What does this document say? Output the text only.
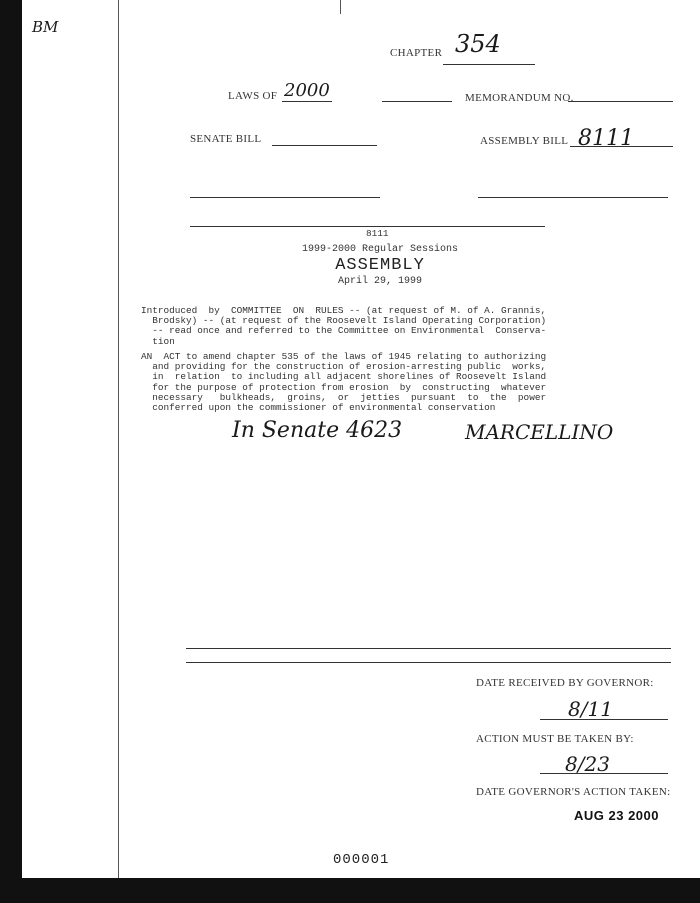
BM
CHAPTER 354
LAWS OF 2000	MEMORANDUM NO.
SENATE BILL	ASSEMBLY BILL 8111
8111
1999-2000 Regular Sessions
ASSEMBLY
April 29, 1999
Introduced  by  COMMITTEE  ON  RULES -- (at request of M. of A. Grannis,
Brodsky) -- (at request of the Roosevelt Island Operating Corporation)
-- read once and referred to the Committee on Environmental  Conserva-
tion
AN  ACT to amend chapter 535 of the laws of 1945 relating to authorizing
and providing for the construction of erosion-arresting public  works,
in  relation  to including all adjacent shorelines of Roosevelt Island
for the purpose of protection from erosion  by  constructing  whatever
necessary   bulkheads,  groins,  or  jetties  pursuant  to  the  power
conferred upon the commissioner of environmental conservation
In Senate 4623	MARCELLINO
DATE RECEIVED BY GOVERNOR:
8/11
ACTION MUST BE TAKEN BY:
8/23
DATE GOVERNOR'S ACTION TAKEN:
AUG 23 2000
000001
